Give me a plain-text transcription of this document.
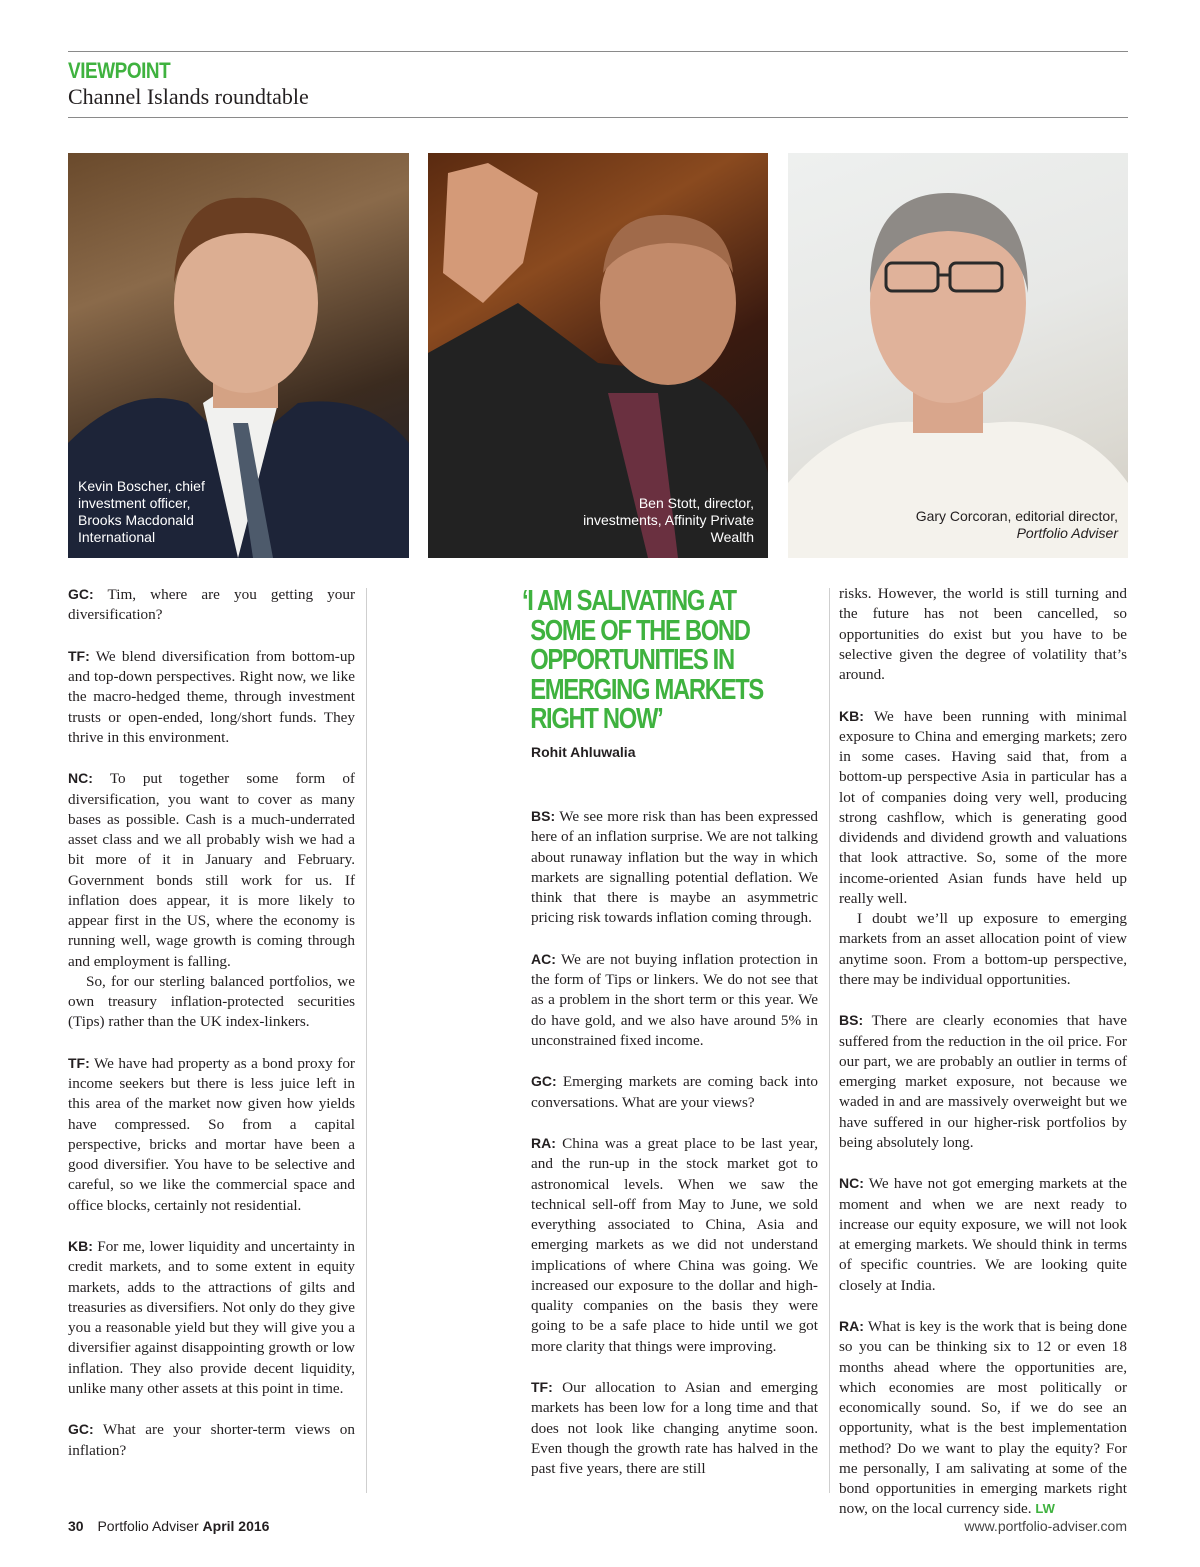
VIEWPOINT
Channel Islands roundtable
Kevin Boscher, chief investment officer, Brooks Macdonald International
Ben Stott, director, investments, Affinity Private Wealth
Gary Corcoran, editorial director, Portfolio Adviser

GC: Tim, where are you getting your diversification?

TF: We blend diversification from bottom-up and top-down perspectives. Right now, we like the macro-hedged theme, through investment trusts or open-ended, long/short funds. They thrive in this environment.

NC: To put together some form of diversification, you want to cover as many bases as possible. Cash is a much-underrated asset class and we all probably wish we had a bit more of it in January and February. Government bonds still work for us. If inflation does appear, it is more likely to appear first in the US, where the economy is running well, wage growth is coming through and employment is falling.

So, for our sterling balanced portfolios, we own treasury inflation-protected securities (Tips) rather than the UK index-linkers.

TF: We have had property as a bond proxy for income seekers but there is less juice left in this area of the market now given how yields have compressed. So from a capital perspective, bricks and mortar have been a good diversifier. You have to be selective and careful, so we like the commercial space and office blocks, certainly not residential.

KB: For me, lower liquidity and uncertainty in credit markets, and to some extent in equity markets, adds to the attractions of gilts and treasuries as diversifiers. Not only do they give you a reasonable yield but they will give you a diversifier against disappointing growth or low inflation. They also provide decent liquidity, unlike many other assets at this point in time.

GC: What are your shorter-term views on inflation?

‘I AM SALIVATING AT
SOME OF THE BOND
OPPORTUNITIES IN
EMERGING MARKETS
RIGHT NOW’
Rohit Ahluwalia

BS: We see more risk than has been expressed here of an inflation surprise. We are not talking about runaway inflation but the way in which markets are signalling potential deflation. We think that there is maybe an asymmetric pricing risk towards inflation coming through.

AC: We are not buying inflation protection in the form of Tips or linkers. We do not see that as a problem in the short term or this year. We do have gold, and we also have around 5% in unconstrained fixed income.

GC: Emerging markets are coming back into conversations. What are your views?

RA: China was a great place to be last year, and the run-up in the stock market got to astronomical levels. When we saw the technical sell-off from May to June, we sold everything associated to China, Asia and emerging markets as we did not understand implications of where China was going. We increased our exposure to the dollar and high-quality companies on the basis they were going to be a safe place to hide until we got more clarity that things were improving.

TF: Our allocation to Asian and emerging markets has been low for a long time and that does not look like changing anytime soon. Even though the growth rate has halved in the past five years, there are still

risks. However, the world is still turning and the future has not been cancelled, so opportunities do exist but you have to be selective given the degree of volatility that’s around.

KB: We have been running with minimal exposure to China and emerging markets; zero in some cases. Having said that, from a bottom-up perspective Asia in particular has a lot of companies doing very well, producing strong cashflow, which is generating good dividends and dividend growth and valuations that look attractive. So, some of the more income-oriented Asian funds have held up really well.

I doubt we’ll up exposure to emerging markets from an asset allocation point of view anytime soon. From a bottom-up perspective, there may be individual opportunities.

BS: There are clearly economies that have suffered from the reduction in the oil price. For our part, we are probably an outlier in terms of emerging market exposure, not because we waded in and are massively overweight but we have suffered in our higher-risk portfolios by being absolutely long.

NC: We have not got emerging markets at the moment and when we are next ready to increase our equity exposure, we will not look at emerging markets. We should think in terms of specific countries. We are looking quite closely at India.

RA: What is key is the work that is being done so you can be thinking six to 12 or even 18 months ahead where the opportunities are, which economies are most politically or economically sound. So, if we do see an opportunity, what is the best implementation method? Do we want to play the equity? For me personally, I am salivating at some of the bond opportunities in emerging markets right now, on the local currency side. LW

30 Portfolio Adviser April 2016	www.portfolio-adviser.com
